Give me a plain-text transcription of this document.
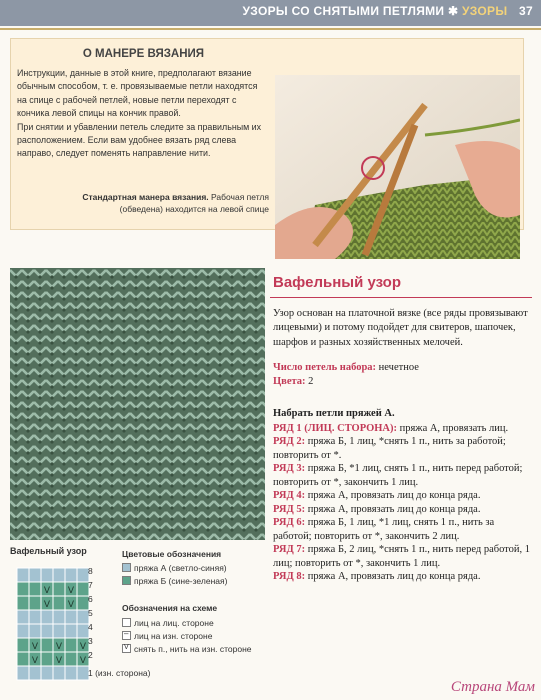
УЗОРЫ СО СНЯТЫМИ ПЕТЛЯМИ ✱ УЗОРЫ 37
О МАНЕРЕ ВЯЗАНИЯ

Инструкции, данные в этой книге, предполагают вязание обычным способом, т. е. провязываемые петли находятся на спице с рабочей петлей, новые петли переходят с кончика левой спицы на кончик правой.

При снятии и убавлении петель следите за правильным их расположением. Если вам удобнее вязать ряд слева направо, следует поменять направление нити.

Стандартная манера вязания. Рабочая петля (обведена) находится на левой спице
Вафельный узор
Узор основан на платочной вязке (все ряды провязывают лицевыми) и потому подойдет для свитеров, шапочек, шарфов и разных хозяйственных мелочей.
Число петель набора: нечетное
Цвета: 2

Набрать петли пряжей А.

РЯД 1 (ЛИЦ. СТОРОНА): пряжа А, провязать лиц.

РЯД 2: пряжа Б, 1 лиц, *снять 1 п., нить за работой; повторить от *.

РЯД 3: пряжа Б, *1 лиц, снять 1 п., нить перед работой; повторить от *, закончить 1 лиц.

РЯД 4: пряжа А, провязать лиц до конца ряда.

РЯД 5: пряжа А, провязать лиц до конца ряда.

РЯД 6: пряжа Б, 1 лиц, *1 лиц, снять 1 п., нить за работой; повторить от *, закончить 2 лиц.

РЯД 7: пряжа Б, 2 лиц, *снять 1 п., нить перед работой, 1 лиц; повторить от *, закончить 1 лиц.

РЯД 8: пряжа А, провязать лиц до конца ряда.

Вафельный узор
V V
V V
V V V
V V V
8
7
6
5
4
3
2
1 (изн. сторона)
Цветовые обозначения
пряжа А (светло-синяя)
пряжа Б (сине-зеленая)
Обозначения на схеме
лиц на лиц. стороне
–лиц на изн. стороне
Vснять п., нить на изн. стороне
Страна Мам
